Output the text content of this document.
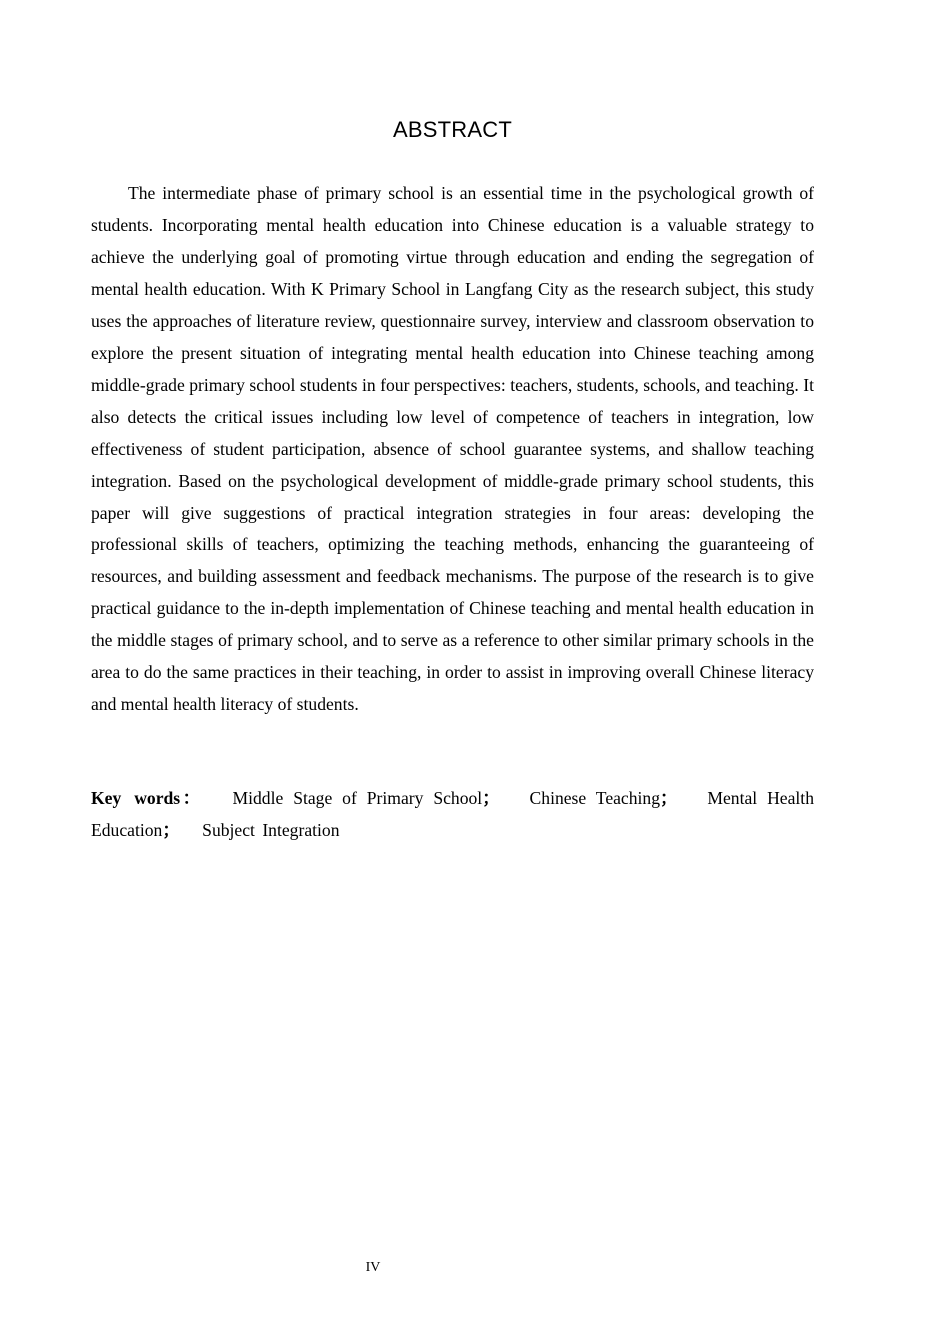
ABSTRACT

The intermediate phase of primary school is an essential time in the psychological growth of students. Incorporating mental health education into Chinese education is a valuable strategy to achieve the underlying goal of promoting virtue through education and ending the segregation of mental health education. With K Primary School in Langfang City as the research subject, this study uses the approaches of literature review, questionnaire survey, interview and classroom observation to explore the present situation of integrating mental health education into Chinese teaching among middle-grade primary school students in four perspectives: teachers, students, schools, and teaching. It also detects the critical issues including low level of competence of teachers in integration, low effectiveness of student participation, absence of school guarantee systems, and shallow teaching integration. Based on the psychological development of middle-grade primary school students, this paper will give suggestions of practical integration strategies in four areas: developing the professional skills of teachers, optimizing the teaching methods, enhancing the guaranteeing of resources, and building assessment and feedback mechanisms. The purpose of the research is to give practical guidance to the in-depth implementation of Chinese teaching and mental health education in the middle stages of primary school, and to serve as a reference to other similar primary schools in the area to do the same practices in their teaching, in order to assist in improving overall Chinese literacy and mental health literacy of students.

Key words： Middle Stage of Primary School； Chinese Teaching； Mental Health Education； Subject Integration

IV
